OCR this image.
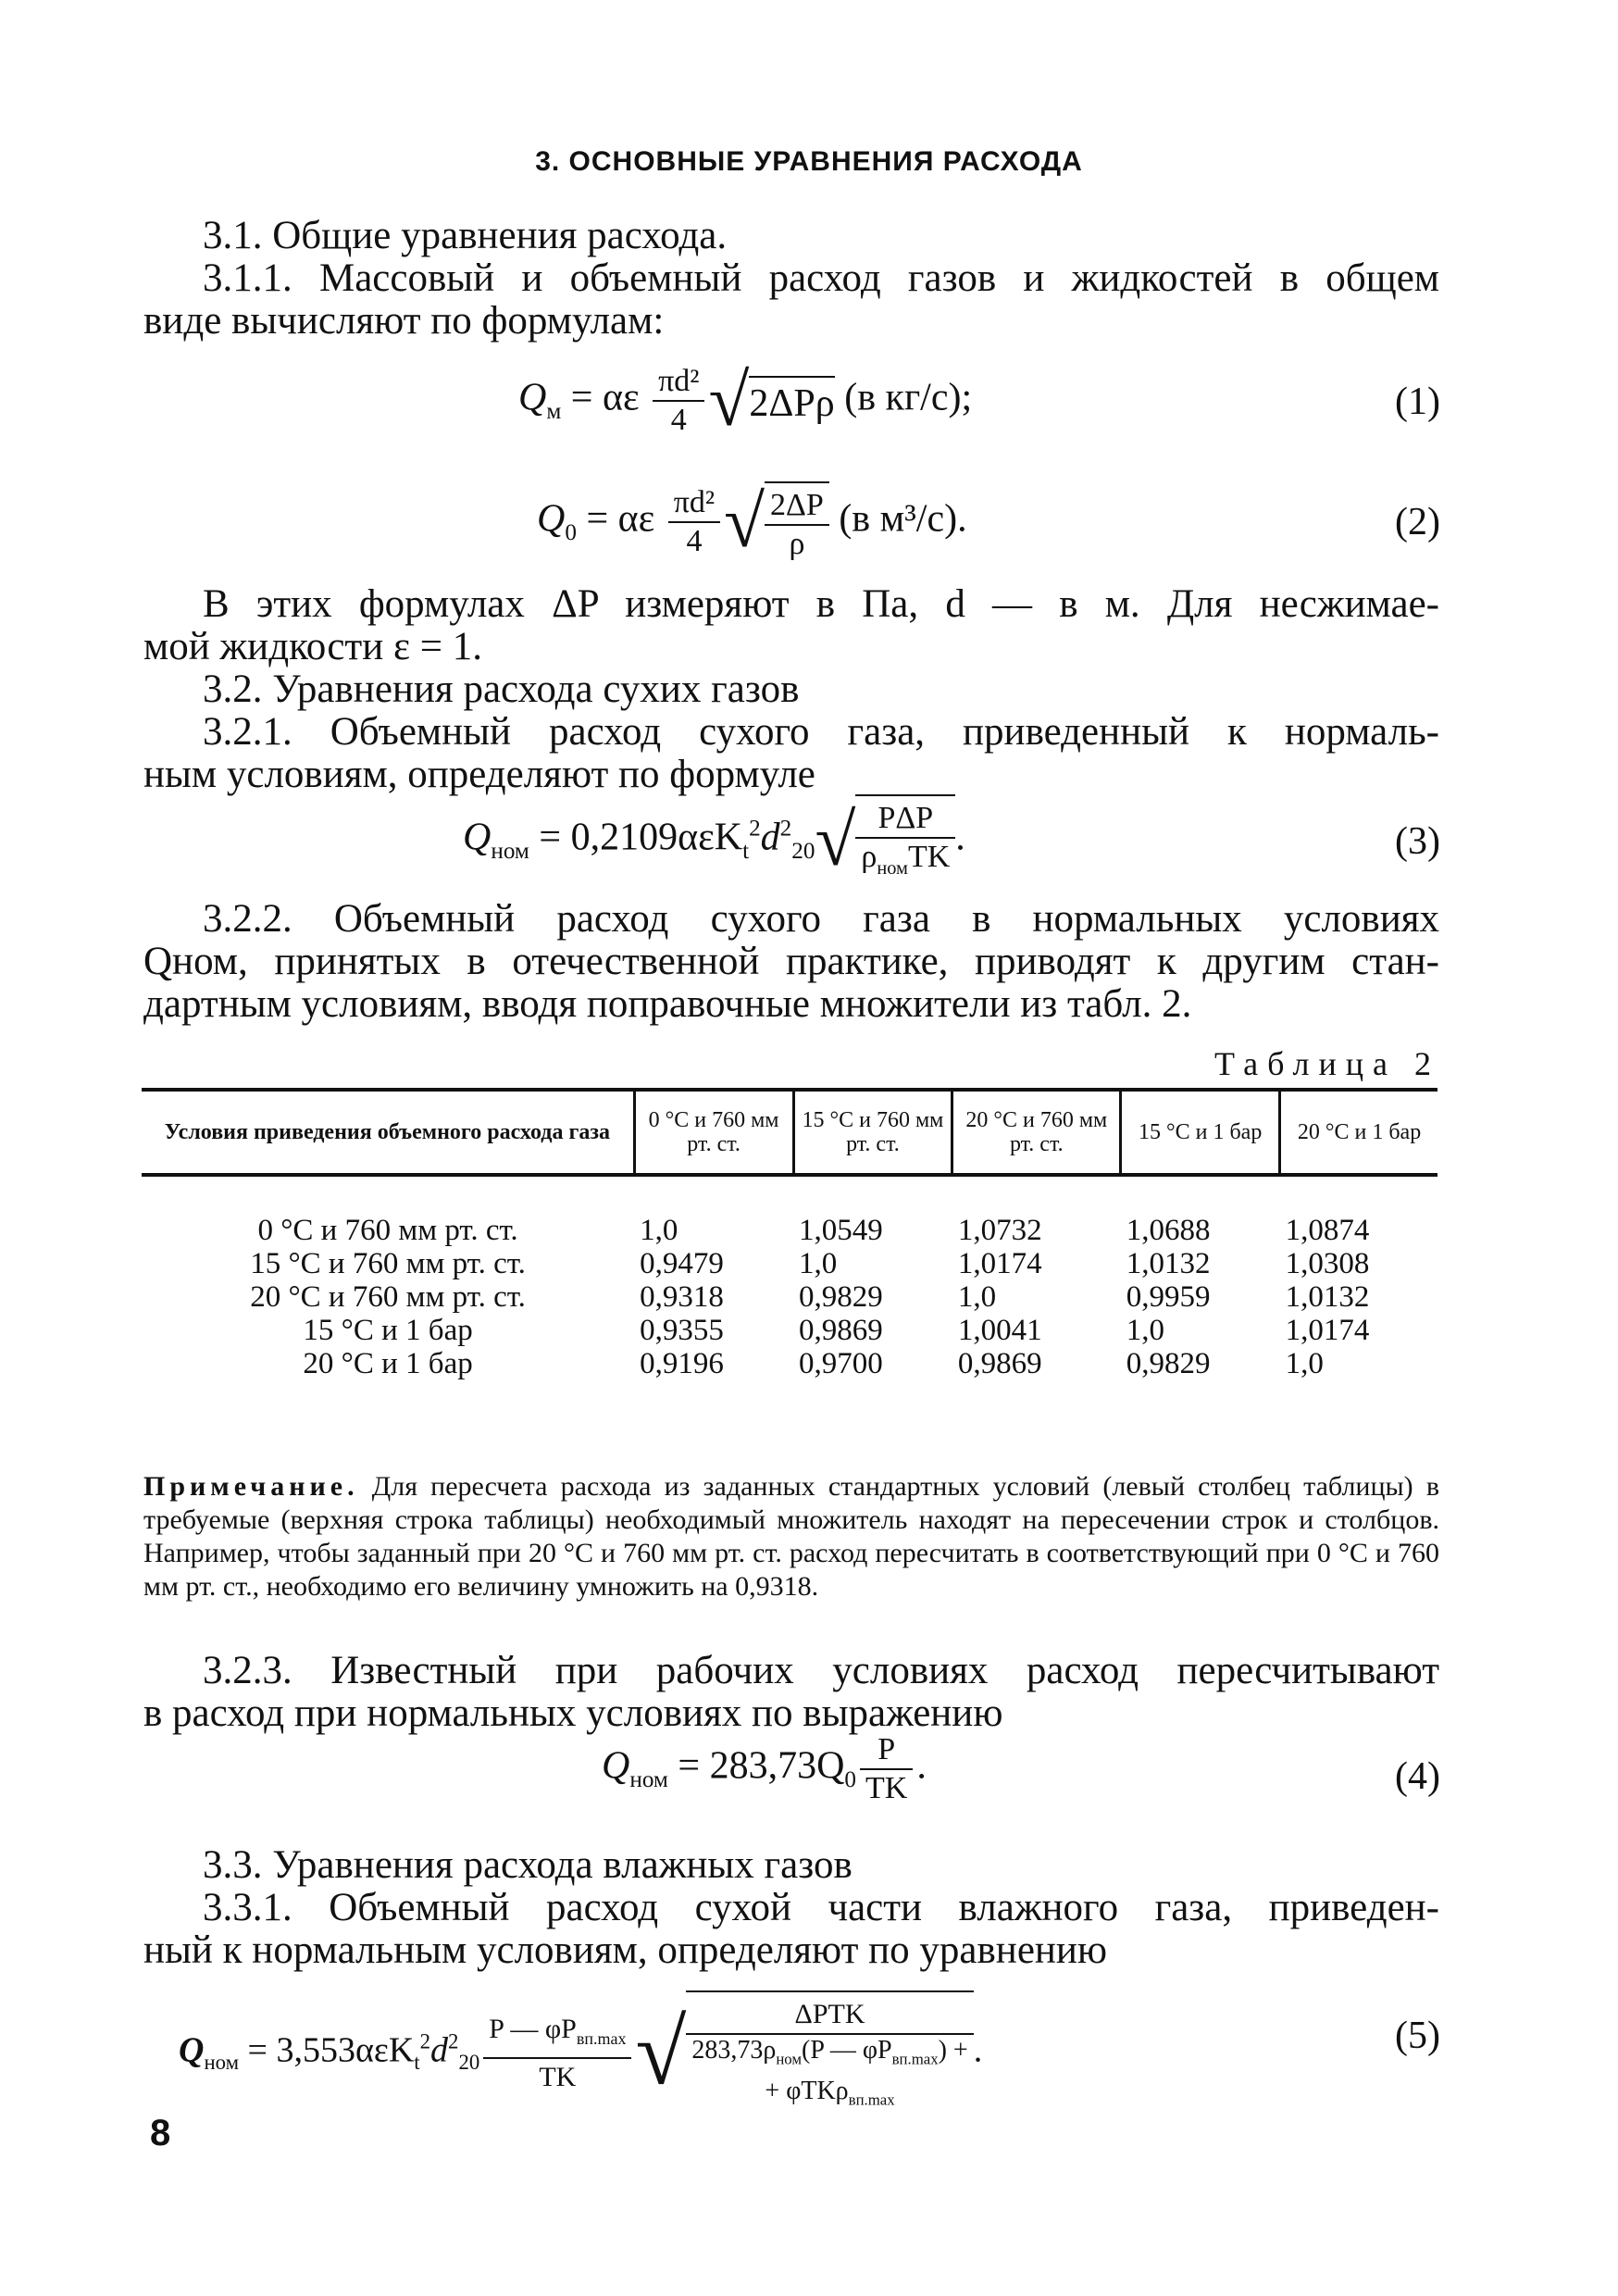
3. ОСНОВНЫЕ УРАВНЕНИЯ РАСХОДА
3.1. Общие уравнения расхода.
3.1.1. Массовый и объемный расход газов и жидкостей в общем
виде вычисляют по формулам:
$Q_м = \alpha\varepsilon \frac{\text{πd²}}{4} √2\Delta P\rho$ (в кг/с);	(1)
$Q_0 = \alpha\varepsilon \frac{\text{πd²}}{4}$ √ $\frac{2\Delta P}{\rho} (в$ м³/с).	(2)
В этих формулах ΔP измеряют в Па, d — в м. Для несжимае-
мой жидкости ε = 1.
3.2. Уравнения расхода сухих газов
3.2.1. Объемный расход сухого газа, приведенный к нормаль-
ным условиям, определяют по формуле
$Q_{ном} = 0,2109\alpha\varepsilon K_t^2d^2_{20}√ \frac{\text{PΔP}}{\rho_{ном}TK}$ .	(3)
3.2.2. Объемный расход сухого газа в нормальных условиях
Qном, принятых в отечественной практике, приводят к другим стан-
дартным условиям, вводя поправочные множители из табл. 2.
Таблица 2
Условия приведения объемного расхода газа	0 °С и 760 мм рт. ст.	15 °С и 760 мм рт. ст.	20 °С и 760 мм рт. ст.	15 °С и 1 бар	20 °С и 1 бар
0 °С и 760 мм рт. ст.	1,0	1,0549	1,0732	1,0688	1,0874
15 °С и 760 мм рт. ст.	0,9479	1,0	1,0174	1,0132	1,0308
20 °С и 760 мм рт. ст.	0,9318	0,9829	1,0	0,9959	1,0132
15 °С и 1 бар	0,9355	0,9869	1,0041	1,0	1,0174
20 °С и 1 бар	0,9196	0,9700	0,9869	0,9829	1,0
Примечание. Для пересчета расхода из заданных стандартных условий (левый столбец таблицы) в требуемые (верхняя строка таблицы) необходимый множитель находят на пересечении строк и столбцов. Например, чтобы заданный при 20 °С и 760 мм рт. ст. расход пересчитать в соответствующий при 0 °С и 760 мм рт. ст., необходимо его величину умножить на 0,9318.
3.2.3. Известный при рабочих условиях расход пересчитывают
в расход при нормальных условиях по выражению
$Q_{ном} = 283,73Q_0 \frac{P}{TK}$ .	(4)
3.3. Уравнения расхода влажных газов
3.3.1. Объемный расход сухой части влажного газа, приведен-
ный к нормальным условиям, определяют по уравнению
$Q_{ном} = 3,553\alpha\varepsilon K_t^2d^2_{20} \frac{P — \varphi P_{вп.max}}{TK}$ √	ΔPTK
$283,73\rho_{ном}(P$ — $\varphi P_{вп.max}$) +
+ φTKρ$_{вп.max}$
.	(5)
8
